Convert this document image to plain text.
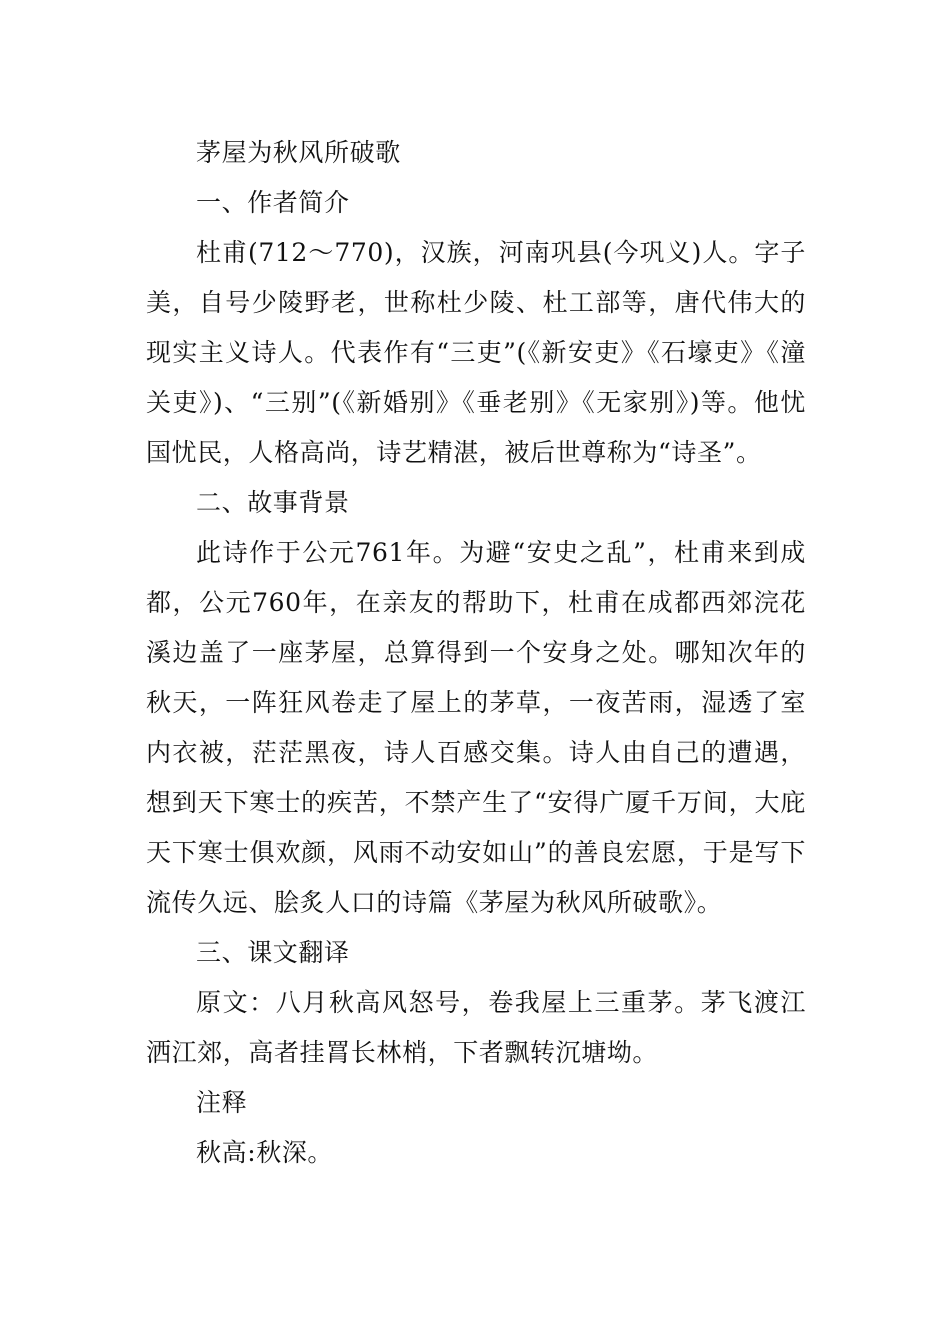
茅屋为秋风所破歌

一、作者简介

杜甫(712～770)，汉族，河南巩县(今巩义)人。字子美，自号少陵野老，世称杜少陵、杜工部等，唐代伟大的现实主义诗人。代表作有“三吏”(《新安吏》《石壕吏》《潼关吏》)、“三别”(《新婚别》《垂老别》《无家别》)等。他忧国忧民，人格高尚，诗艺精湛，被后世尊称为“诗圣”。

二、故事背景

此诗作于公元761年。为避“安史之乱”，杜甫来到成都，公元760年，在亲友的帮助下，杜甫在成都西郊浣花溪边盖了一座茅屋，总算得到一个安身之处。哪知次年的秋天，一阵狂风卷走了屋上的茅草，一夜苦雨，湿透了室内衣被，茫茫黑夜，诗人百感交集。诗人由自己的遭遇，想到天下寒士的疾苦，不禁产生了“安得广厦千万间，大庇天下寒士俱欢颜，风雨不动安如山”的善良宏愿，于是写下流传久远、脍炙人口的诗篇《茅屋为秋风所破歌》。

三、课文翻译

原文：八月秋高风怒号，卷我屋上三重茅。茅飞渡江洒江郊，高者挂罥长林梢，下者飘转沉塘坳。

注释

秋高:秋深。
